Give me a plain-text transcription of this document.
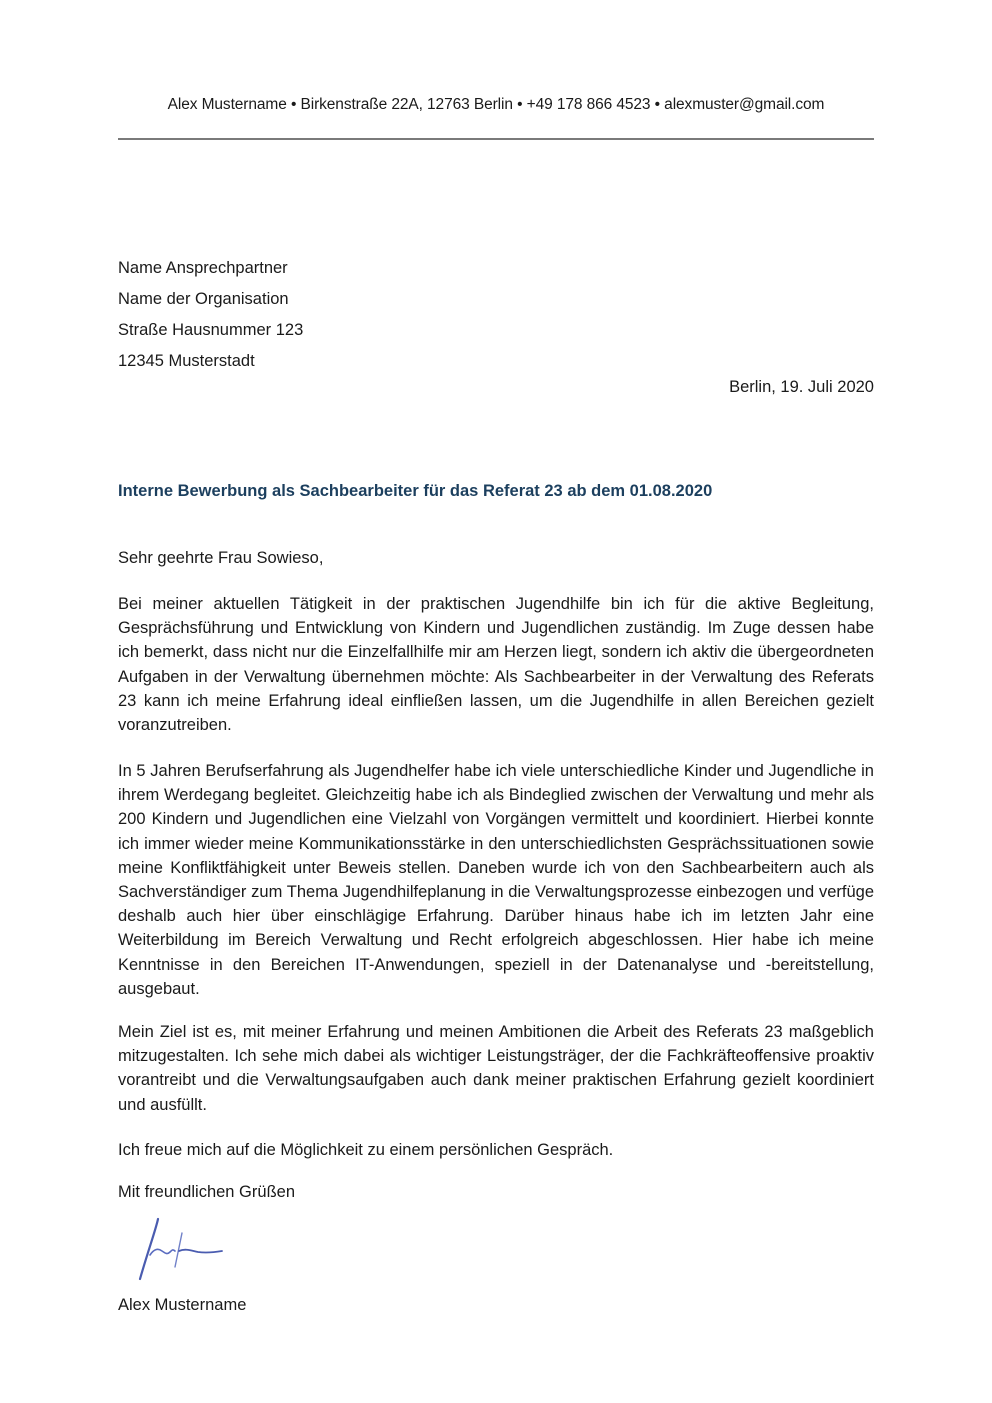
Alex Mustername • Birkenstraße 22A, 12763 Berlin • +49 178 866 4523 • alexmuster@gmail.com
Name Ansprechpartner
Name der Organisation
Straße Hausnummer 123
12345 Musterstadt
Berlin, 19. Juli 2020
Interne Bewerbung als Sachbearbeiter für das Referat 23 ab dem 01.08.2020
Sehr geehrte Frau Sowieso,
Bei meiner aktuellen Tätigkeit in der praktischen Jugendhilfe bin ich für die aktive Begleitung, Gesprächsführung und Entwicklung von Kindern und Jugendlichen zuständig. Im Zuge dessen habe ich bemerkt, dass nicht nur die Einzelfallhilfe mir am Herzen liegt, sondern ich aktiv die übergeordneten Aufgaben in der Verwaltung übernehmen möchte: Als Sachbearbeiter in der Verwaltung des Referats 23 kann ich meine Erfahrung ideal einfließen lassen, um die Jugendhilfe in allen Bereichen gezielt voranzutreiben.
In 5 Jahren Berufserfahrung als Jugendhelfer habe ich viele unterschiedliche Kinder und Jugendliche in ihrem Werdegang begleitet. Gleichzeitig habe ich als Bindeglied zwischen der Verwaltung und mehr als 200 Kindern und Jugendlichen eine Vielzahl von Vorgängen vermittelt und koordiniert. Hierbei konnte ich immer wieder meine Kommunikationsstärke in den unterschiedlichsten Gesprächssituationen sowie meine Konfliktfähigkeit unter Beweis stellen. Daneben wurde ich von den Sachbearbeitern auch als Sachverständiger zum Thema Jugendhilfeplanung in die Verwaltungsprozesse einbezogen und verfüge deshalb auch hier über einschlägige Erfahrung. Darüber hinaus habe ich im letzten Jahr eine Weiterbildung im Bereich Verwaltung und Recht erfolgreich abgeschlossen. Hier habe ich meine Kenntnisse in den Bereichen IT-Anwendungen, speziell in der Datenanalyse und -bereitstellung, ausgebaut.
Mein Ziel ist es, mit meiner Erfahrung und meinen Ambitionen die Arbeit des Referats 23 maßgeblich mitzugestalten. Ich sehe mich dabei als wichtiger Leistungsträger, der die Fachkräfteoffensive proaktiv vorantreibt und die Verwaltungsaufgaben auch dank meiner praktischen Erfahrung gezielt koordiniert und ausfüllt.
Ich freue mich auf die Möglichkeit zu einem persönlichen Gespräch.
Mit freundlichen Grüßen
Alex Mustername
